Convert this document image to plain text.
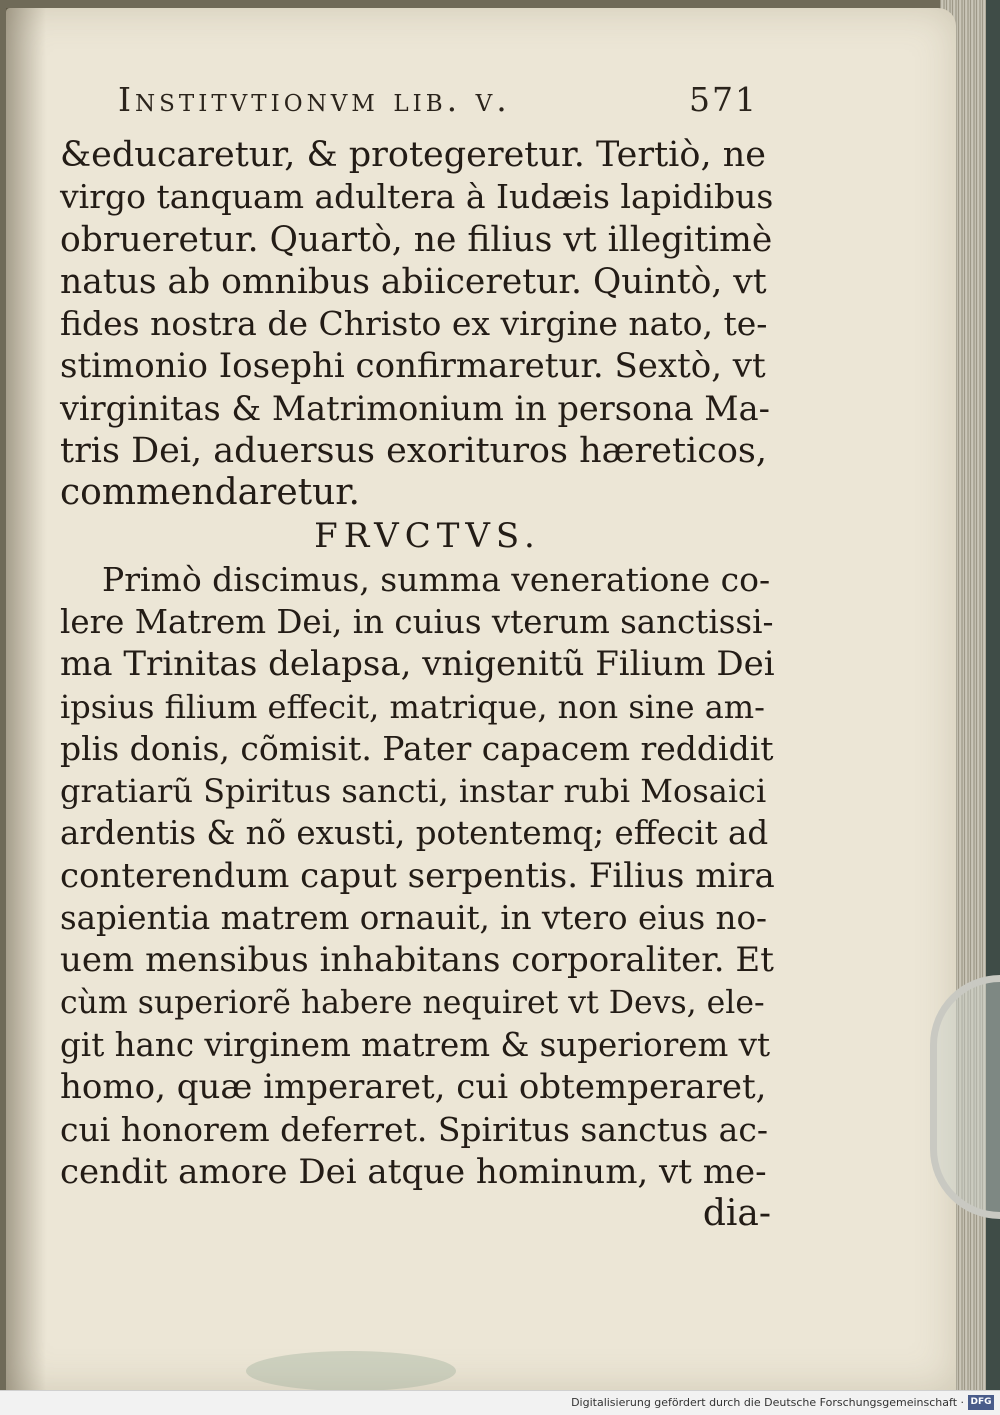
Institvtionvm lib. v.	571
&educaretur, & protegeretur. Tertiò, ne
virgo tanquam adultera à Iudæis lapidibus
obrueretur. Quartò, ne filius vt illegitimè
natus ab omnibus abiiceretur. Quintò, vt
fides nostra de Christo ex virgine nato, te-
stimonio Iosephi confirmaretur. Sextò, vt
virginitas & Matrimonium in persona Ma-
tris Dei, aduersus exorituros hæreticos,
commendaretur.
FRVCTVS.
Primò discimus, summa veneratione co-
lere Matrem Dei, in cuius vterum sanctissi-
ma Trinitas delapsa, vnigenitũ Filium Dei
ipsius filium effecit, matrique, non sine am-
plis donis, cõmisit. Pater capacem reddidit
gratiarũ Spiritus sancti, instar rubi Mosaici
ardentis & nõ exusti, potentemq; effecit ad
conterendum caput serpentis. Filius mira
sapientia matrem ornauit, in vtero eius no-
uem mensibus inhabitans corporaliter. Et
cùm superiorẽ habere nequiret vt Devs, ele-
git hanc virginem matrem & superiorem vt
homo, quæ imperaret, cui obtemperaret,
cui honorem deferret. Spiritus sanctus ac-
cendit amore Dei atque hominum, vt me-
dia-
Digitalisierung gefördert durch die Deutsche Forschungsgemeinschaft · DFG
